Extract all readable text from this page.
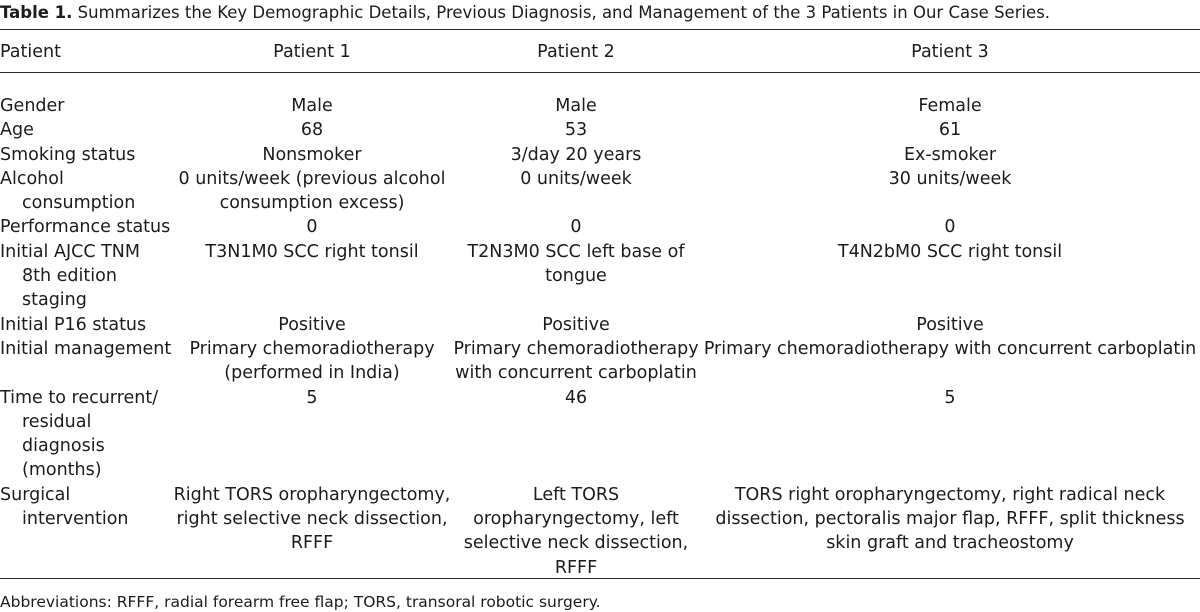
Table 1. Summarizes the Key Demographic Details, Previous Diagnosis, and Management of the 3 Patients in Our Case Series.
Patient	Patient 1	Patient 2	Patient 3

Gender	Male	Male	Female
Age	68	53	61
Smoking status	Nonsmoker	3/day 20 years	Ex-smoker
Alcohol consumption	0 units/week (previous alcohol consumption excess)	0 units/week	30 units/week
Performance status	0	0	0
Initial AJCC TNM 8th edition staging	T3N1M0 SCC right tonsil	T2N3M0 SCC left base of tongue	T4N2bM0 SCC right tonsil
Initial P16 status	Positive	Positive	Positive
Initial management	Primary chemoradiotherapy (performed in India)	Primary chemoradiotherapy with concurrent carboplatin	Primary chemoradiotherapy with concurrent carboplatin
Time to recurrent/ residual diagnosis (months)	5	46	5
Surgical intervention	Right TORS oropharyngectomy, right selective neck dissection, RFFF	Left TORS oropharyngectomy, left selective neck dissection, RFFF	TORS right oropharyngectomy, right radical neck dissection, pectoralis major flap, RFFF, split thickness skin graft and tracheostomy
Abbreviations: RFFF, radial forearm free flap; TORS, transoral robotic surgery.
